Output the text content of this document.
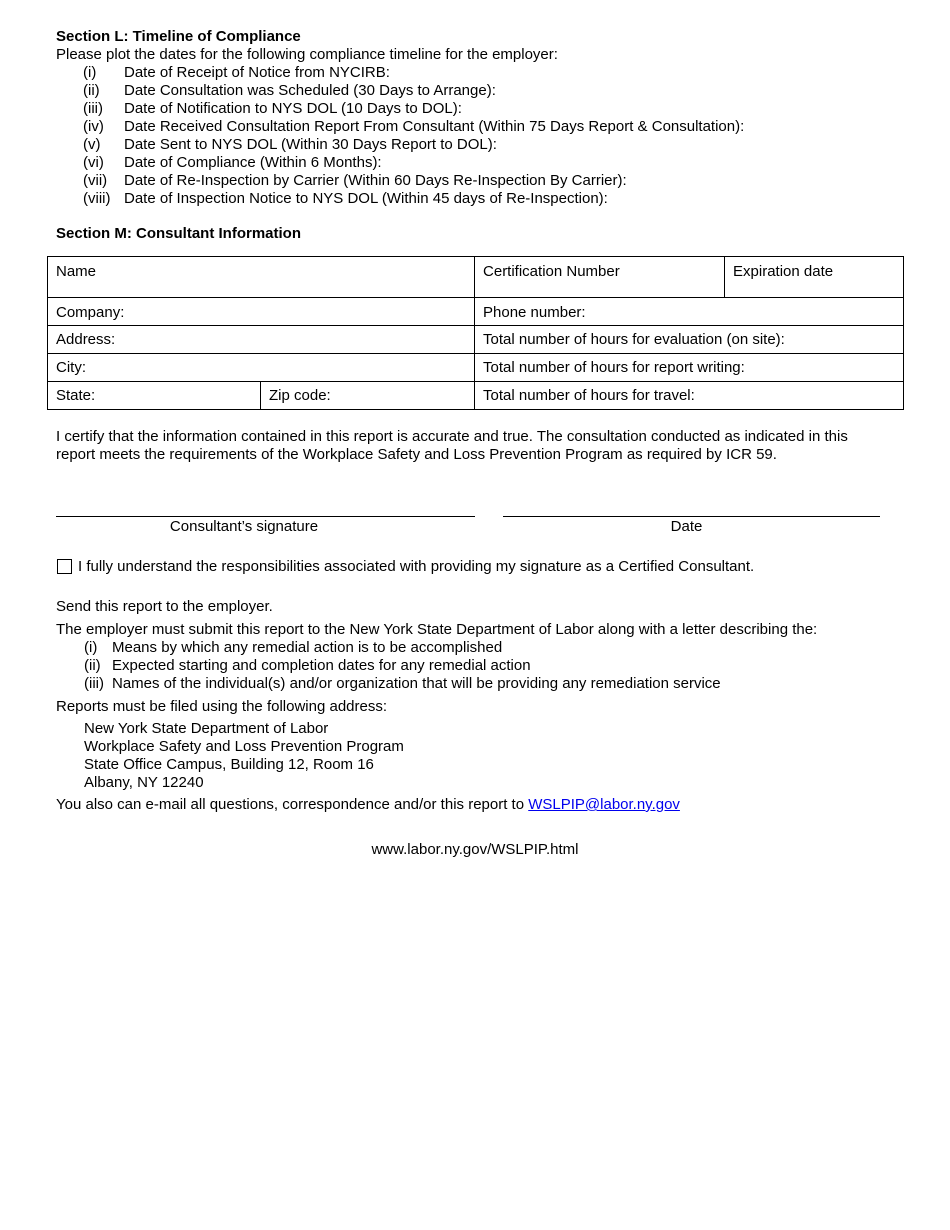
Section L: Timeline of Compliance
Please plot the dates for the following compliance timeline for the employer:
(i) Date of Receipt of Notice from NYCIRB:
(ii) Date Consultation was Scheduled (30 Days to Arrange):
(iii) Date of Notification to NYS DOL (10 Days to DOL):
(iv) Date Received Consultation Report From Consultant (Within 75 Days Report & Consultation):
(v) Date Sent to NYS DOL (Within 30 Days Report to DOL):
(vi) Date of Compliance (Within 6 Months):
(vii) Date of Re-Inspection by Carrier (Within 60 Days Re-Inspection By Carrier):
(viii) Date of Inspection Notice to NYS DOL (Within 45 days of Re-Inspection):
Section M: Consultant Information
Name		Certification Number	Expiration date
Company:		Phone number:	
Address:		Total number of hours for evaluation (on site):	
City:		Total number of hours for report writing:	
State:	Zip code:	Total number of hours for travel:	
I certify that the information contained in this report is accurate and true. The consultation conducted as indicated in this
report meets the requirements of the Workplace Safety and Loss Prevention Program as required by ICR 59.
Consultant’s signature	Date
I fully understand the responsibilities associated with providing my signature as a Certified Consultant.
Send this report to the employer.
The employer must submit this report to the New York State Department of Labor along with a letter describing the:
(i) Means by which any remedial action is to be accomplished
(ii) Expected starting and completion dates for any remedial action
(iii) Names of the individual(s) and/or organization that will be providing any remediation service
Reports must be filed using the following address:
New York State Department of Labor
Workplace Safety and Loss Prevention Program
State Office Campus, Building 12, Room 16
Albany, NY 12240
You also can e-mail all questions, correspondence and/or this report to WSLPIP@labor.ny.gov
www.labor.ny.gov/WSLPIP.html
